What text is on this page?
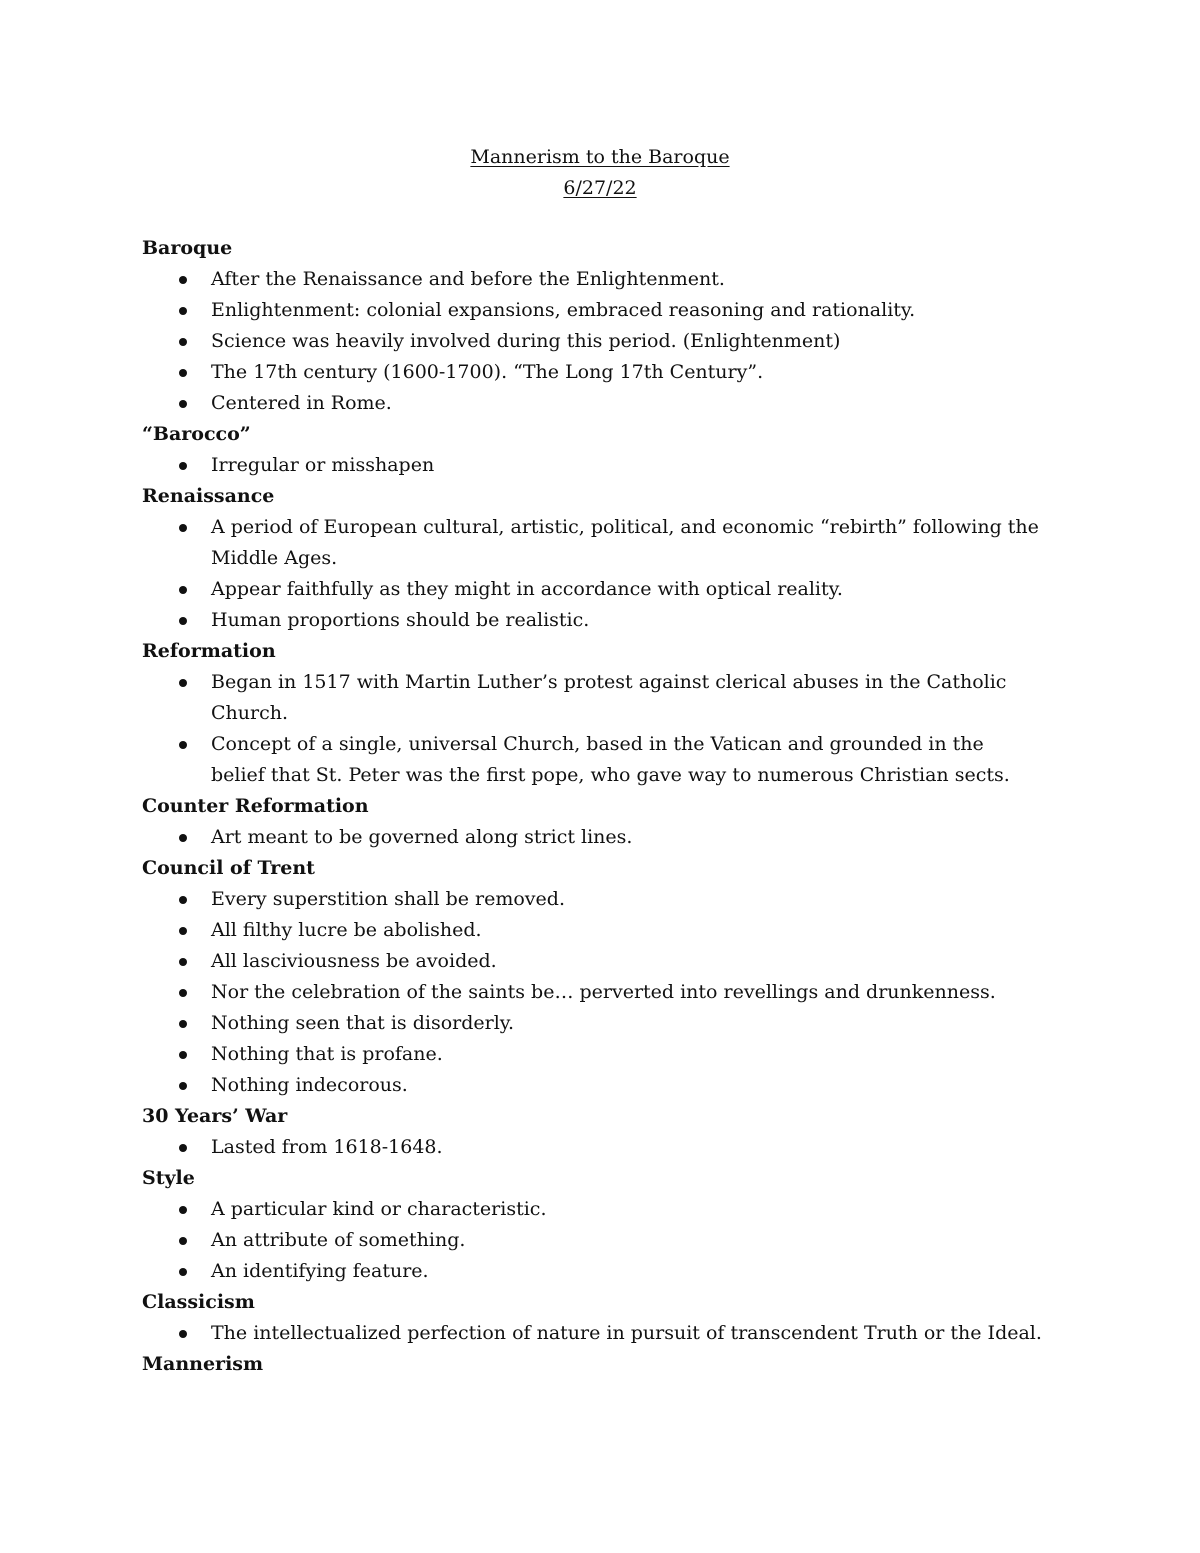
Mannerism to the Baroque
6/27/22
Baroque
After the Renaissance and before the Enlightenment.
Enlightenment: colonial expansions, embraced reasoning and rationality.
Science was heavily involved during this period. (Enlightenment)
The 17th century (1600-1700). “The Long 17th Century”.
Centered in Rome.
“Barocco”
Irregular or misshapen
Renaissance
A period of European cultural, artistic, political, and economic “rebirth” following the Middle Ages.
Appear faithfully as they might in accordance with optical reality.
Human proportions should be realistic.
Reformation
Began in 1517 with Martin Luther’s protest against clerical abuses in the Catholic Church.
Concept of a single, universal Church, based in the Vatican and grounded in the belief that St. Peter was the first pope, who gave way to numerous Christian sects.
Counter Reformation
Art meant to be governed along strict lines.
Council of Trent
Every superstition shall be removed.
All filthy lucre be abolished.
All lasciviousness be avoided.
Nor the celebration of the saints be… perverted into revellings and drunkenness.
Nothing seen that is disorderly.
Nothing that is profane.
Nothing indecorous.
30 Years’ War
Lasted from 1618-1648.
Style
A particular kind or characteristic.
An attribute of something.
An identifying feature.
Classicism
The intellectualized perfection of nature in pursuit of transcendent Truth or the Ideal.
Mannerism
